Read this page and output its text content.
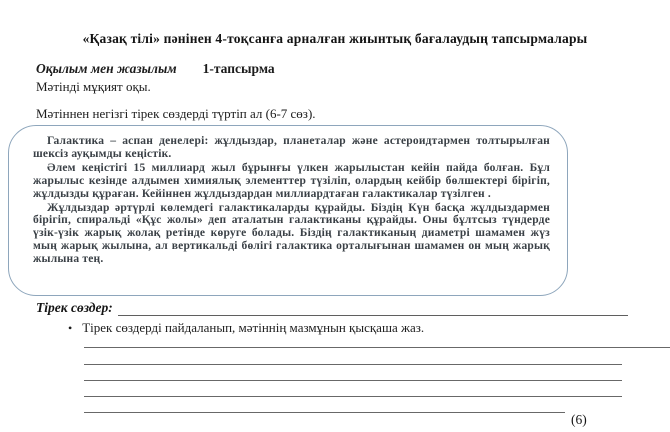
«Қазақ тілі» пәнінен 4-тоқсанға арналған жиынтық бағалаудың тапсырмалары
Оқылым мен жазылым 1-тапсырма
Мәтінді мұқият оқы.
Мәтіннен негізгі тірек сөздерді түртіп ал (6-7 сөз).

Галактика – аспан денелері: жұлдыздар, планеталар және астероидтармен толтырылған шексіз ауқымды кеңістік.

Әлем кеңістігі 15 миллиард жыл бұрынғы үлкен жарылыстан кейін пайда болған. Бұл жарылыс кезінде алдымен химиялық элементтер түзіліп, олардың кейбір бөлшектері бірігіп, жұлдызды құраған. Кейіннен жұлдыздардан миллиардтаған галактикалар түзілген .

Жұлдыздар әртүрлі көлемдегі галактикаларды құрайды. Біздің Күн басқа жұлдыздармен бірігіп, спиральді «Құс жолы» деп аталатын галактиканы құрайды. Оны бұлтсыз түндерде үзік-үзік жарық жолақ ретінде көруге болады. Біздің галактиканың диаметрі шамамен жүз мың жарық жылына, ал вертикальді бөлігі галактика орталығынан шамамен он мың жарық жылына тең.

Тірек сөздер:
• Тірек сөздерді пайдаланып, мәтіннің мазмұнын қысқаша жаз.
(6)
